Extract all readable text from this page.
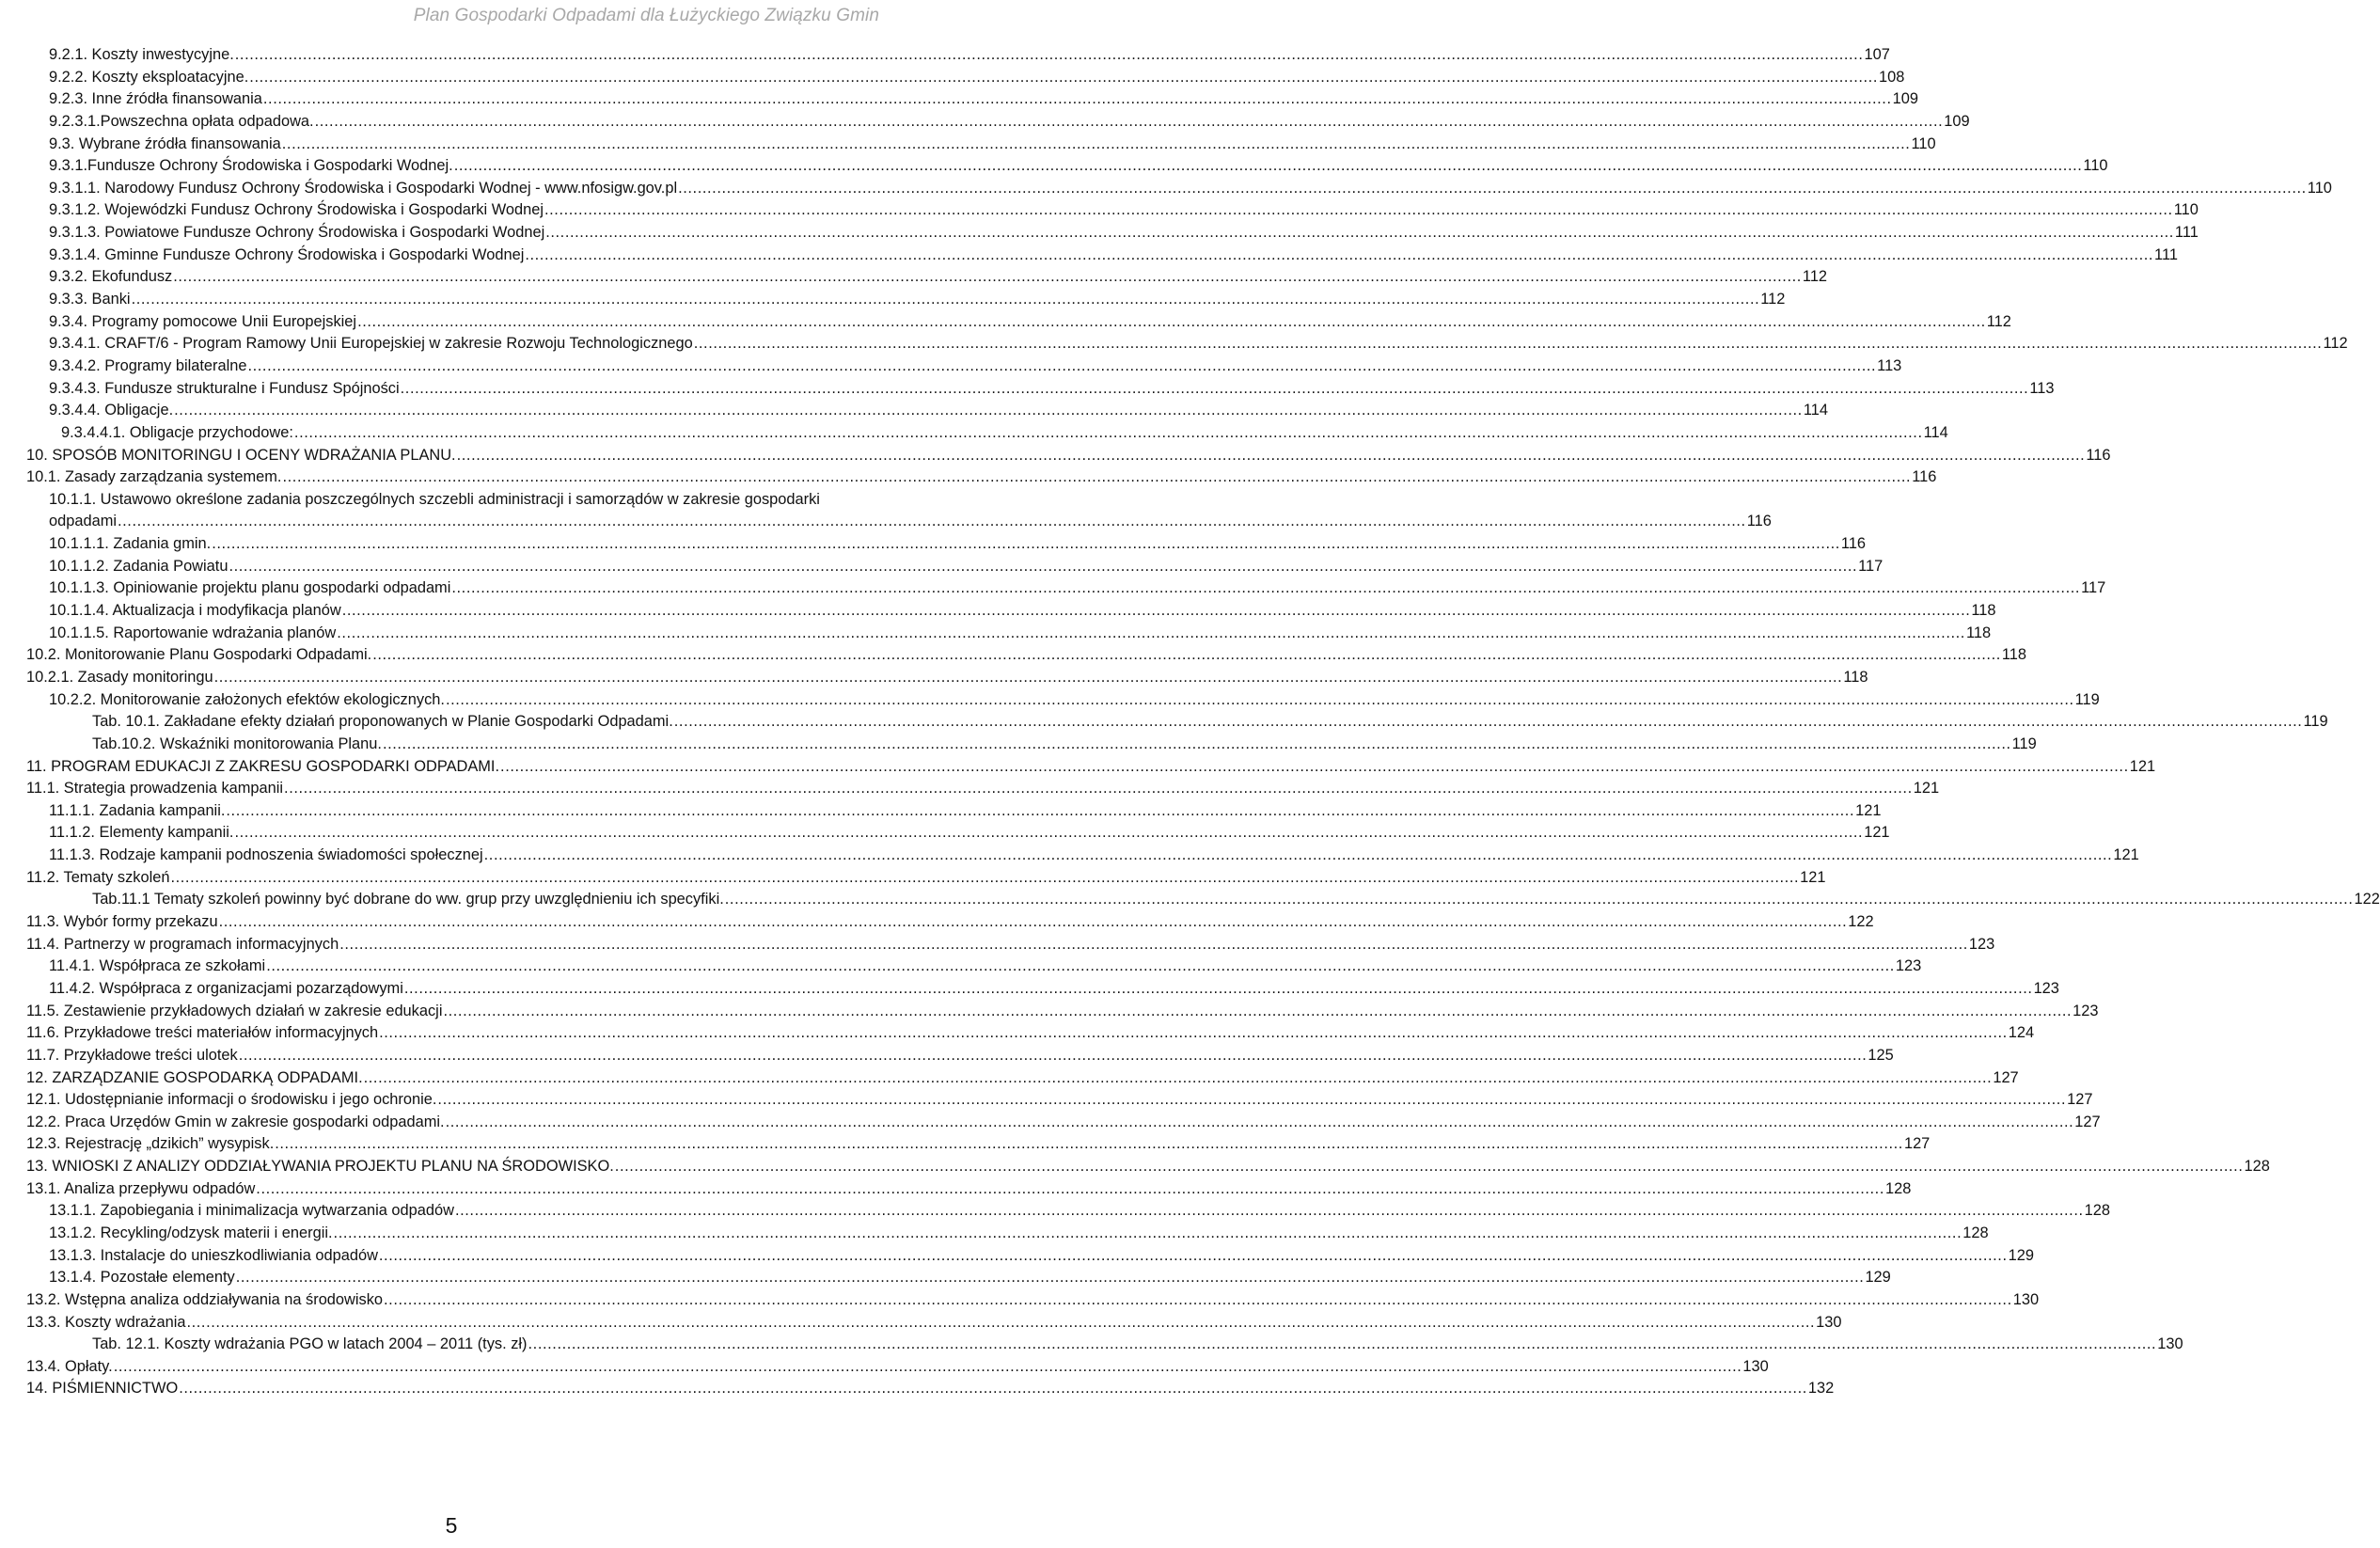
Plan Gospodarki Odpadami dla Łużyckiego Związku Gmin
9.2.1. Koszty inwestycyjne. .....	107
9.2.2. Koszty eksploatacyjne. .....	108
9.2.3. Inne źródła finansowania .....	109
9.2.3.1.Powszechna opłata odpadowa. .....	109
9.3. Wybrane źródła finansowania .....	110
9.3.1.Fundusze Ochrony Środowiska i Gospodarki Wodnej. .....	110
9.3.1.1. Narodowy Fundusz Ochrony Środowiska i Gospodarki Wodnej - www.nfosigw.gov.pl .....	110
9.3.1.2. Wojewódzki Fundusz Ochrony Środowiska i Gospodarki Wodnej .....	110
9.3.1.3. Powiatowe Fundusze Ochrony Środowiska i Gospodarki Wodnej .....	111
9.3.1.4. Gminne Fundusze Ochrony Środowiska i Gospodarki Wodnej .....	111
9.3.2. Ekofundusz .....	112
9.3.3. Banki .....	112
9.3.4. Programy pomocowe Unii Europejskiej .....	112
9.3.4.1. CRAFT/6 - Program Ramowy Unii Europejskiej w zakresie Rozwoju Technologicznego .....	112
9.3.4.2. Programy bilateralne .....	113
9.3.4.3. Fundusze strukturalne i Fundusz Spójności .....	113
9.3.4.4. Obligacje. .....	114
9.3.4.4.1. Obligacje przychodowe: .....	114
10. SPOSÓB MONITORINGU I OCENY WDRAŻANIA PLANU. .....	116
10.1. Zasady zarządzania systemem. .....	116
10.1.1. Ustawowo określone zadania poszczególnych szczebli administracji i samorządów w zakresie gospodarki
odpadami .....	116
10.1.1.1. Zadania gmin. .....	116
10.1.1.2. Zadania Powiatu .....	117
10.1.1.3. Opiniowanie projektu planu gospodarki odpadami .....	117
10.1.1.4. Aktualizacja i modyfikacja planów .....	118
10.1.1.5. Raportowanie wdrażania planów .....	118
10.2. Monitorowanie Planu Gospodarki Odpadami. .....	118
10.2.1. Zasady monitoringu .....	118
10.2.2. Monitorowanie założonych efektów ekologicznych. .....	119
Tab. 10.1. Zakładane efekty działań proponowanych w Planie Gospodarki Odpadami. .....	119
Tab.10.2. Wskaźniki monitorowania Planu. .....	119
11. PROGRAM EDUKACJI Z ZAKRESU GOSPODARKI ODPADAMI. .....	121
11.1. Strategia prowadzenia kampanii .....	121
11.1.1. Zadania kampanii. .....	121
11.1.2. Elementy kampanii. .....	121
11.1.3. Rodzaje kampanii podnoszenia świadomości społecznej .....	121
11.2. Tematy szkoleń .....	121
Tab.11.1 Tematy szkoleń powinny być dobrane do ww. grup przy uwzględnieniu ich specyfiki. .....	122
11.3. Wybór formy przekazu .....	122
11.4. Partnerzy w programach informacyjnych .....	123
11.4.1. Współpraca ze szkołami .....	123
11.4.2. Współpraca z organizacjami pozarządowymi .....	123
11.5. Zestawienie przykładowych działań w zakresie edukacji .....	123
11.6. Przykładowe treści materiałów informacyjnych .....	124
11.7. Przykładowe treści ulotek .....	125
12. ZARZĄDZANIE GOSPODARKĄ ODPADAMI. .....	127
12.1. Udostępnianie informacji o środowisku i jego ochronie. .....	127
12.2. Praca Urzędów Gmin w zakresie gospodarki odpadami. .....	127
12.3. Rejestrację „dzikich” wysypisk. .....	127
13. WNIOSKI Z ANALIZY ODDZIAŁYWANIA PROJEKTU PLANU NA ŚRODOWISKO. .....	128
13.1. Analiza przepływu odpadów .....	128
13.1.1. Zapobiegania i minimalizacja wytwarzania odpadów .....	128
13.1.2. Recykling/odzysk materii i energii. .....	128
13.1.3. Instalacje do unieszkodliwiania odpadów .....	129
13.1.4. Pozostałe elementy .....	129
13.2. Wstępna analiza oddziaływania na środowisko .....	130
13.3. Koszty wdrażania .....	130
Tab. 12.1. Koszty wdrażania PGO w latach 2004 – 2011 (tys. zł) .....	130
13.4. Opłaty. .....	130
14. PIŚMIENNICTWO .....	132
5
